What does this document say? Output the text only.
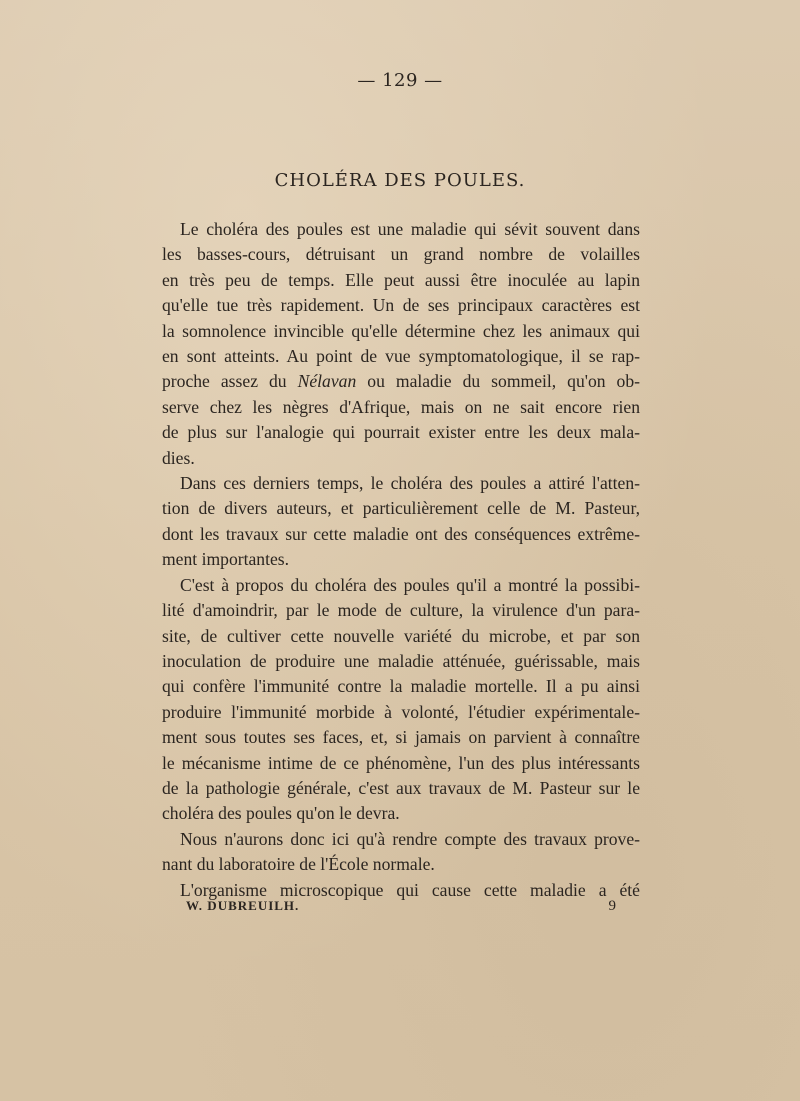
— 129 —
CHOLÉRA DES POULES.
Le choléra des poules est une maladie qui sévit souvent dans
les basses-cours, détruisant un grand nombre de volailles
en très peu de temps. Elle peut aussi être inoculée au lapin
qu'elle tue très rapidement. Un de ses principaux caractères est
la somnolence invincible qu'elle détermine chez les animaux qui
en sont atteints. Au point de vue symptomatologique, il se rap-
proche assez du Nélavan ou maladie du sommeil, qu'on ob-
serve chez les nègres d'Afrique, mais on ne sait encore rien
de plus sur l'analogie qui pourrait exister entre les deux mala-
dies.
Dans ces derniers temps, le choléra des poules a attiré l'atten-
tion de divers auteurs, et particulièrement celle de M. Pasteur,
dont les travaux sur cette maladie ont des conséquences extrême-
ment importantes.
C'est à propos du choléra des poules qu'il a montré la possibi-
lité d'amoindrir, par le mode de culture, la virulence d'un para-
site, de cultiver cette nouvelle variété du microbe, et par son
inoculation de produire une maladie atténuée, guérissable, mais
qui confère l'immunité contre la maladie mortelle. Il a pu ainsi
produire l'immunité morbide à volonté, l'étudier expérimentale-
ment sous toutes ses faces, et, si jamais on parvient à connaître
le mécanisme intime de ce phénomène, l'un des plus intéressants
de la pathologie générale, c'est aux travaux de M. Pasteur sur le
choléra des poules qu'on le devra.
Nous n'aurons donc ici qu'à rendre compte des travaux prove-
nant du laboratoire de l'École normale.
L'organisme microscopique qui cause cette maladie a été
W. DUBREUILH.	9
